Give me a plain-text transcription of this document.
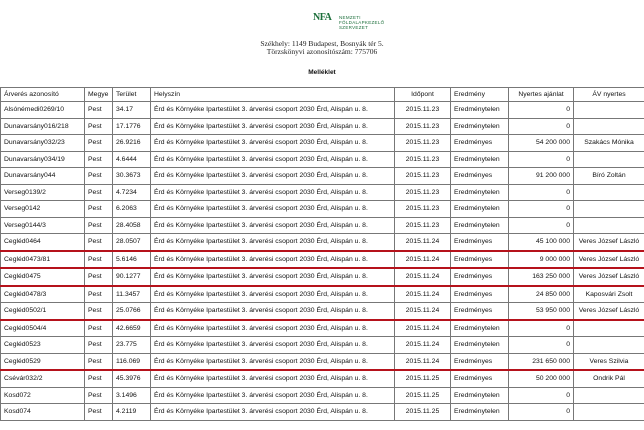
NFA	NEMZETI
FÖLDALAPKEZELŐ
SZERVEZET
Székhely: 1149 Budapest, Bosnyák tér 5.
Törzskönyvi azonosítószám: 775706
Melléklet
Árverés azonosító	Megye	Terület	Helyszín	Időpont	Eredmény	Nyertes ajánlat	ÁV nyertes
Alsónémedi0269/10	Pest	34.17	Érd és Környéke Ipartestület 3. árverési csoport 2030 Érd, Alispán u. 8.	2015.11.23	Eredménytelen	0	
Dunavarsány016/218	Pest	17.1776	Érd és Környéke Ipartestület 3. árverési csoport 2030 Érd, Alispán u. 8.	2015.11.23	Eredménytelen	0	
Dunavarsány032/23	Pest	26.9216	Érd és Környéke Ipartestület 3. árverési csoport 2030 Érd, Alispán u. 8.	2015.11.23	Eredményes	54 200 000	Szakács Mónika
Dunavarsány034/19	Pest	4.6444	Érd és Környéke Ipartestület 3. árverési csoport 2030 Érd, Alispán u. 8.	2015.11.23	Eredménytelen	0	
Dunavarsány044	Pest	30.3673	Érd és Környéke Ipartestület 3. árverési csoport 2030 Érd, Alispán u. 8.	2015.11.23	Eredményes	91 200 000	Bíró Zoltán
Verseg0139/2	Pest	4.7234	Érd és Környéke Ipartestület 3. árverési csoport 2030 Érd, Alispán u. 8.	2015.11.23	Eredménytelen	0	
Verseg0142	Pest	6.2063	Érd és Környéke Ipartestület 3. árverési csoport 2030 Érd, Alispán u. 8.	2015.11.23	Eredménytelen	0	
Verseg0144/3	Pest	28.4058	Érd és Környéke Ipartestület 3. árverési csoport 2030 Érd, Alispán u. 8.	2015.11.23	Eredménytelen	0	
Cegléd0464	Pest	28.0507	Érd és Környéke Ipartestület 3. árverési csoport 2030 Érd, Alispán u. 8.	2015.11.24	Eredményes	45 100 000	Veres József László
Cegléd0473/81	Pest	5.6146	Érd és Környéke Ipartestület 3. árverési csoport 2030 Érd, Alispán u. 8.	2015.11.24	Eredményes	9 000 000	Veres József László
Cegléd0475	Pest	90.1277	Érd és Környéke Ipartestület 3. árverési csoport 2030 Érd, Alispán u. 8.	2015.11.24	Eredményes	163 250 000	Veres József László
Cegléd0478/3	Pest	11.3457	Érd és Környéke Ipartestület 3. árverési csoport 2030 Érd, Alispán u. 8.	2015.11.24	Eredményes	24 850 000	Kaposvári Zsolt
Cegléd0502/1	Pest	25.0766	Érd és Környéke Ipartestület 3. árverési csoport 2030 Érd, Alispán u. 8.	2015.11.24	Eredményes	53 950 000	Veres József László
Cegléd0504/4	Pest	42.6659	Érd és Környéke Ipartestület 3. árverési csoport 2030 Érd, Alispán u. 8.	2015.11.24	Eredménytelen	0	
Cegléd0523	Pest	23.775	Érd és Környéke Ipartestület 3. árverési csoport 2030 Érd, Alispán u. 8.	2015.11.24	Eredménytelen	0	
Cegléd0529	Pest	116.069	Érd és Környéke Ipartestület 3. árverési csoport 2030 Érd, Alispán u. 8.	2015.11.24	Eredményes	231 650 000	Veres Szilvia
Csévár032/2	Pest	45.3976	Érd és Környéke Ipartestület 3. árverési csoport 2030 Érd, Alispán u. 8.	2015.11.25	Eredményes	50 200 000	Ondrik Pál
Kosd072	Pest	3.1496	Érd és Környéke Ipartestület 3. árverési csoport 2030 Érd, Alispán u. 8.	2015.11.25	Eredménytelen	0	
Kosd074	Pest	4.2119	Érd és Környéke Ipartestület 3. árverési csoport 2030 Érd, Alispán u. 8.	2015.11.25	Eredménytelen	0	
